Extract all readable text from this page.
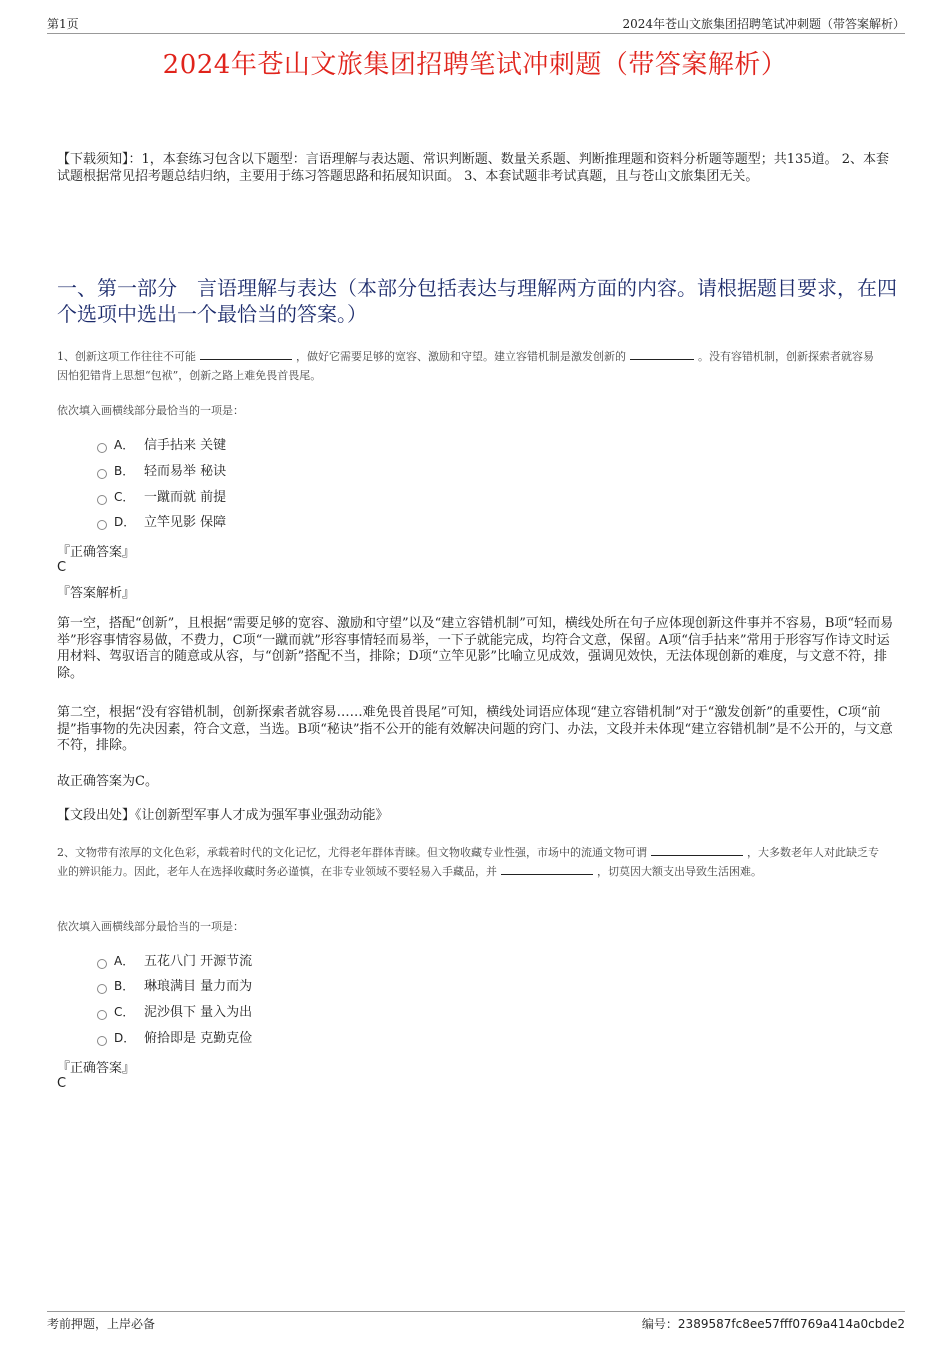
第1页	2024年苍山文旅集团招聘笔试冲刺题（带答案解析）
2024年苍山文旅集团招聘笔试冲刺题（带答案解析）
【下载须知】：1，本套练习包含以下题型：言语理解与表达题、常识判断题、数量关系题、判断推理题和资料分析题等题型；共135道。 2、本套试题根据常见招考题总结归纳，主要用于练习答题思路和拓展知识面。 3、本套试题非考试真题，且与苍山文旅集团无关。
一、第一部分　言语理解与表达（本部分包括表达与理解两方面的内容。请根据题目要求，在四个选项中选出一个最恰当的答案。）
1、创新这项工作往往不可能	，做好它需要足够的宽容、激励和守望。建立容错机制是激发创新的	。没有容错机制，创新探索者就容易因怕犯错背上思想“包袱”，创新之路上难免畏首畏尾。
依次填入画横线部分最恰当的一项是：
A． 信手拈来 关键
B． 轻而易举 秘诀
C． 一蹴而就 前提
D． 立竿见影 保障
『正确答案』
C
『答案解析』
第一空，搭配“创新”，且根据“需要足够的宽容、激励和守望”以及“建立容错机制”可知，横线处所在句子应体现创新这件事并不容易，B项“轻而易举”形容事情容易做，不费力，C项“一蹴而就”形容事情轻而易举，一下子就能完成，均符合文意，保留。A项“信手拈来”常用于形容写作诗文时运用材料、驾驭语言的随意或从容，与“创新”搭配不当，排除；D项“立竿见影”比喻立见成效，强调见效快，无法体现创新的难度，与文意不符，排除。
第二空，根据“没有容错机制，创新探索者就容易……难免畏首畏尾”可知，横线处词语应体现“建立容错机制”对于“激发创新”的重要性，C项“前提”指事物的先决因素，符合文意，当选。B项“秘诀”指不公开的能有效解决问题的窍门、办法，文段并未体现“建立容错机制”是不公开的，与文意不符，排除。
故正确答案为C。
【文段出处】《让创新型军事人才成为强军事业强劲动能》
2、文物带有浓厚的文化色彩，承载着时代的文化记忆，尤得老年群体青睐。但文物收藏专业性强，市场中的流通文物可谓	，大多数老年人对此缺乏专业的辨识能力。因此，老年人在选择收藏时务必谨慎，在非专业领域不要轻易入手藏品，并	，切莫因大额支出导致生活困难。
依次填入画横线部分最恰当的一项是：
A． 五花八门 开源节流
B． 琳琅满目 量力而为
C． 泥沙俱下 量入为出
D． 俯拾即是 克勤克俭
『正确答案』
C
考前押题，上岸必备	编号：2389587fc8ee57fff0769a414a0cbde2
